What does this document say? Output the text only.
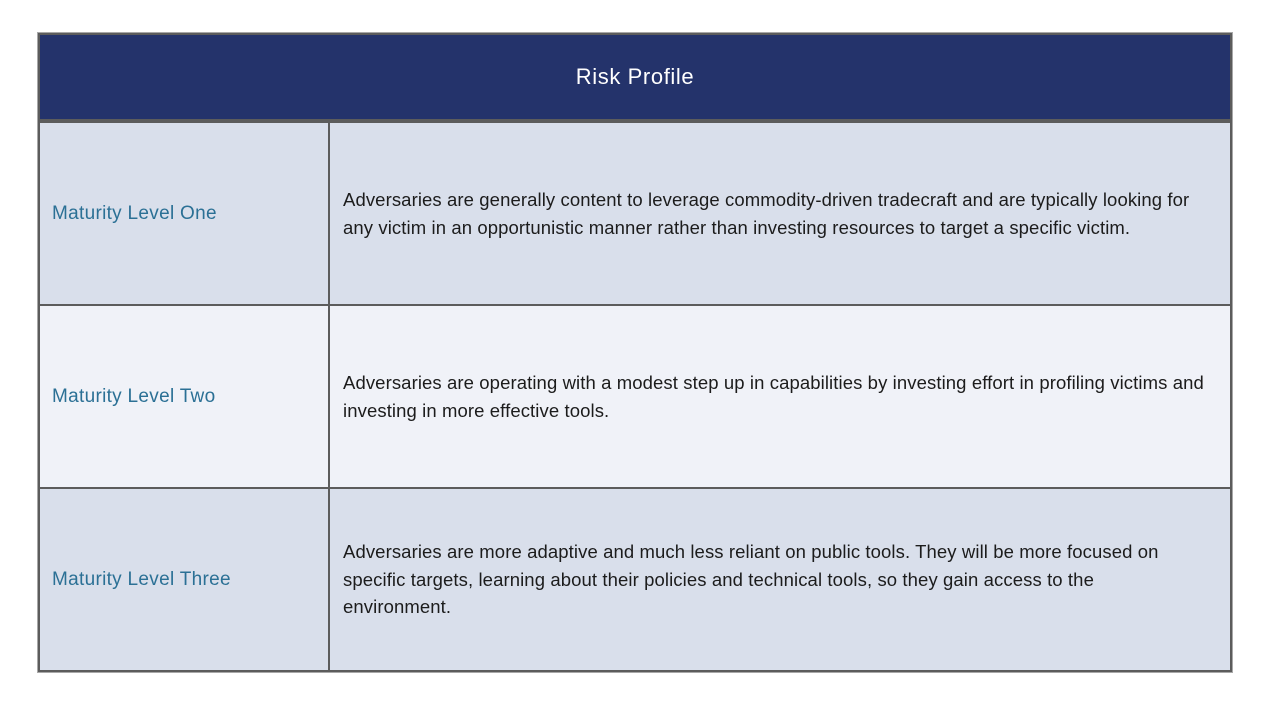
Risk Profile
Maturity Level One
Adversaries are generally content to leverage commodity-driven tradecraft and are typically looking for any victim in an opportunistic manner rather than investing resources to target a specific victim.
Maturity Level Two
Adversaries are operating with a modest step up in capabilities by investing effort in profiling victims and investing in more effective tools.
Maturity Level Three
Adversaries are more adaptive and much less reliant on public tools. They will be more focused on specific targets, learning about their policies and technical tools, so they gain access to the environment.
